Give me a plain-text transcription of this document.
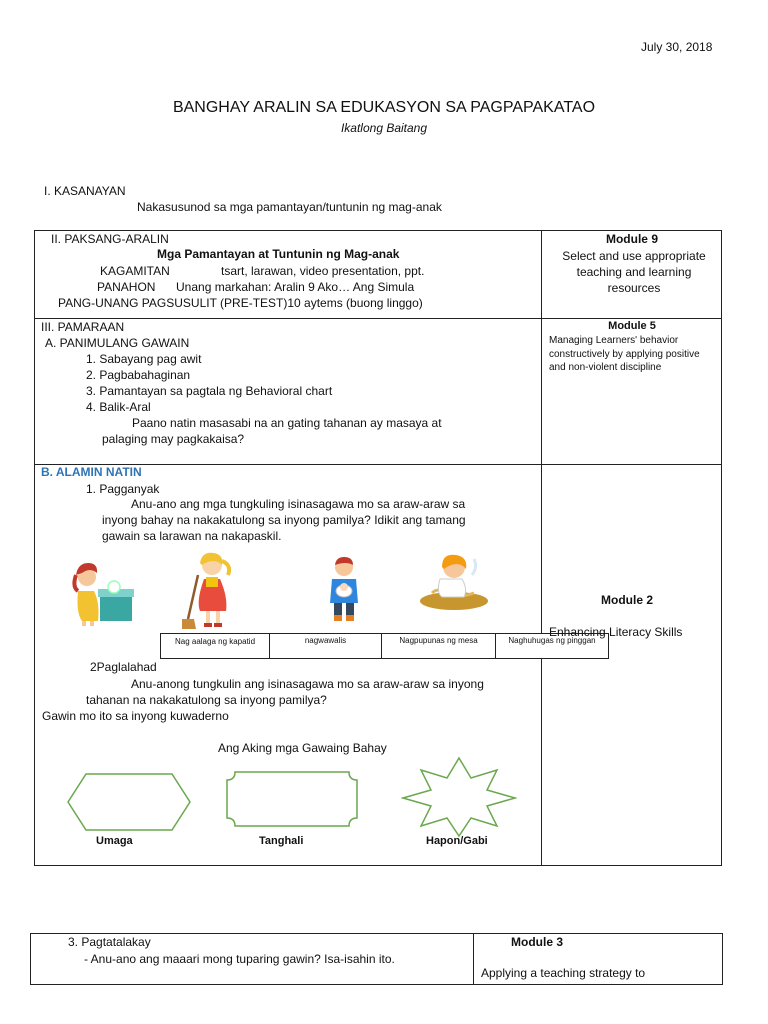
July 30, 2018
BANGHAY ARALIN SA EDUKASYON SA PAGPAPAKATAO
Ikatlong Baitang
I. KASANAYAN
Nakasusunod sa mga pamantayan/tuntunin ng mag-anak
II. PAKSANG-ARALIN
Mga Pamantayan at Tuntunin ng Mag-anak
KAGAMITAN	tsart, larawan, video presentation, ppt.
PANAHON Unang markahan: Aralin 9 Ako… Ang Simula
PANG-UNANG PAGSUSULIT (PRE-TEST)10 aytems (buong linggo)
Module 9
Select and use appropriate teaching and learning resources
III. PAMARAAN
A. PANIMULANG GAWAIN
1. Sabayang pag awit
2. Pagbabahaginan
3. Pamantayan sa pagtala ng Behavioral chart
4. Balik-Aral
Paano natin masasabi na an gating tahanan ay masaya at
palaging may pagkakaisa?
Module 5
Managing Learners' behavior constructively by applying positive and non-violent discipline
B. ALAMIN NATIN
1. Pagganyak
Anu-ano ang mga tungkuling isinasagawa mo sa araw-araw sa
inyong bahay na nakakatulong sa inyong pamilya? Idikit ang tamang
gawain sa larawan na nakapaskil.
Nag aalaga ng kapatid	nagwawalis	Nagpupunas ng mesa	Naghuhugas ng pinggan
2Paglalahad
Anu-anong tungkulin ang isinasagawa mo sa araw-araw sa inyong
tahanan na nakakatulong sa inyong pamilya?
Gawin mo ito sa inyong kuwaderno
Ang Aking mga Gawaing Bahay
Umaga	Tanghali	Hapon/Gabi
Module 2
Enhancing Literacy Skills
3. Pagtatalakay
- Anu-ano ang maaari mong tuparing gawin? Isa-isahin ito.
Module 3
Applying a teaching strategy to
